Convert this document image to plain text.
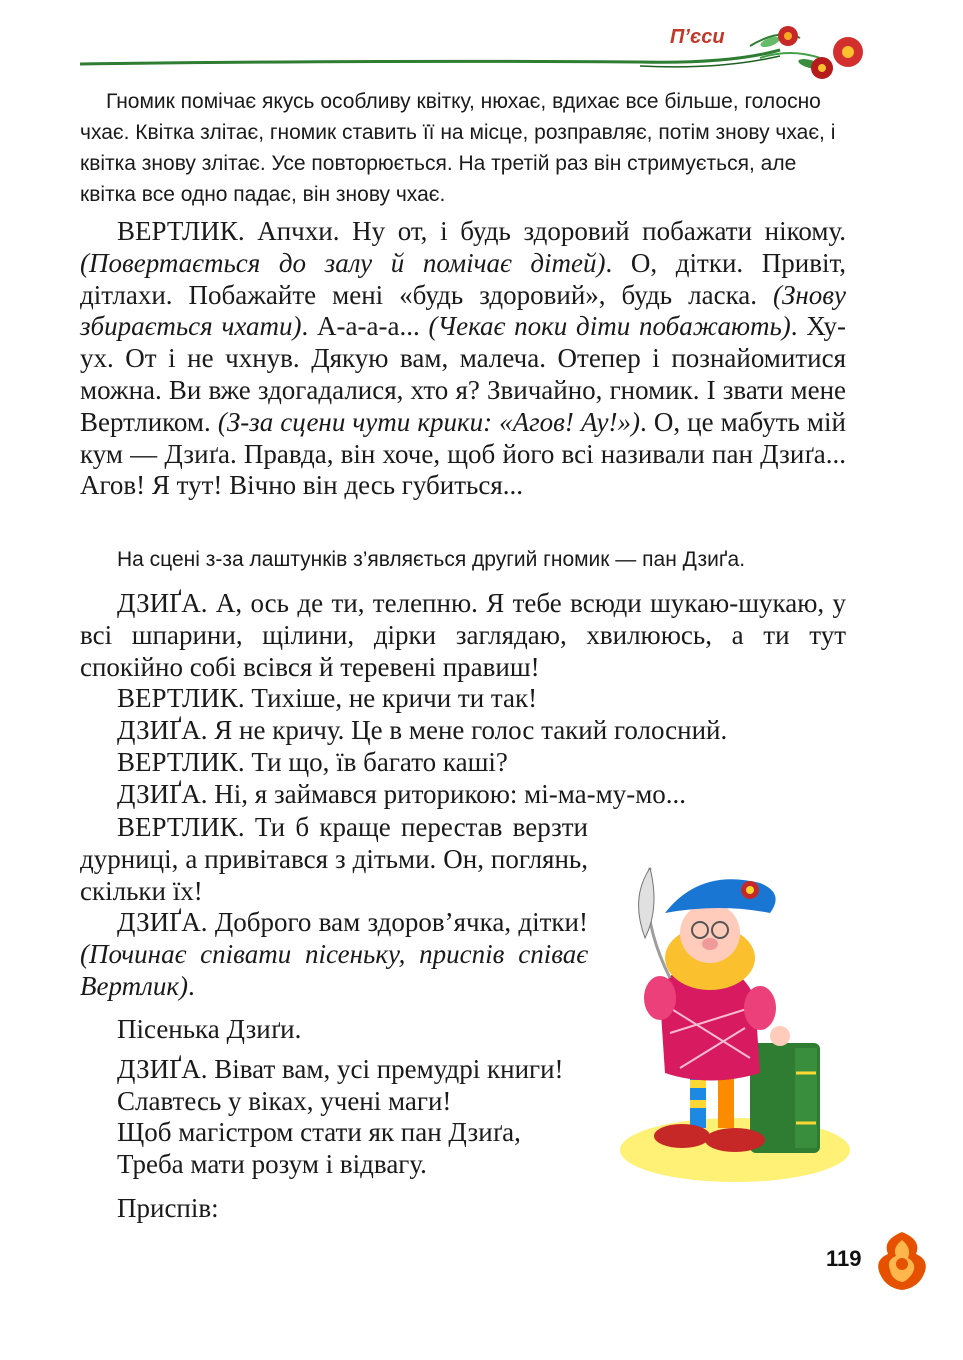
П’єси

Гномик помічає якусь особливу квітку, нюхає, вдихає все більше, голосно чхає. Квітка злітає, гномик ставить її на місце, розправляє, потім знову чхає, і квітка знову злітає. Усе повторюється. На третій раз він стримується, але квітка все одно падає, він знову чхає.

ВЕРТЛИК. Апчхи. Ну от, і будь здоровий побажати нікому. (Повертається до залу й помічає дітей). О, дітки. Привіт, дітлахи. Побажайте мені «будь здоровий», будь ласка. (Знову збирається чхати). А-а-а-а... (Чекає поки діти побажають). Ху-ух. От і не чхнув. Дякую вам, малеча. Отепер і познайомитися можна. Ви вже здогадалися, хто я? Звичайно, гномик. І звати мене Вертликом. (З-за сцени чути крики: «Агов! Ау!»). О, це мабуть мій кум — Дзиґа. Правда, він хоче, щоб його всі називали пан Дзиґа... Агов! Я тут! Вічно він десь губиться...

На сцені з-за лаштунків з’являється другий гномик — пан Дзиґа.

ДЗИҐА. А, ось де ти, телепню. Я тебе всюди шукаю-шукаю, у всі шпарини, щілини, дірки заглядаю, хвилююсь, а ти тут спокійно собі всівся й теревені правиш!

ВЕРТЛИК. Тихіше, не кричи ти так!

ДЗИҐА. Я не кричу. Це в мене голос такий голосний.

ВЕРТЛИК. Ти що, їв багато каші?

ДЗИҐА. Ні, я займався риторикою: мі-ма-му-мо...

ВЕРТЛИК. Ти б краще перестав верзти дурниці, а привітався з дітьми. Он, поглянь, скільки їх!

ДЗИҐА. Доброго вам здоров’ячка, дітки! (Починає співати пісеньку, приспів співає Вертлик).

Пісенька Дзиґи.

ДЗИҐА. Віват вам, усі премудрі книги!

Славтесь у віках, учені маги!

Щоб магістром стати як пан Дзиґа,

Треба мати розум і відвагу.

Приспів:

119
